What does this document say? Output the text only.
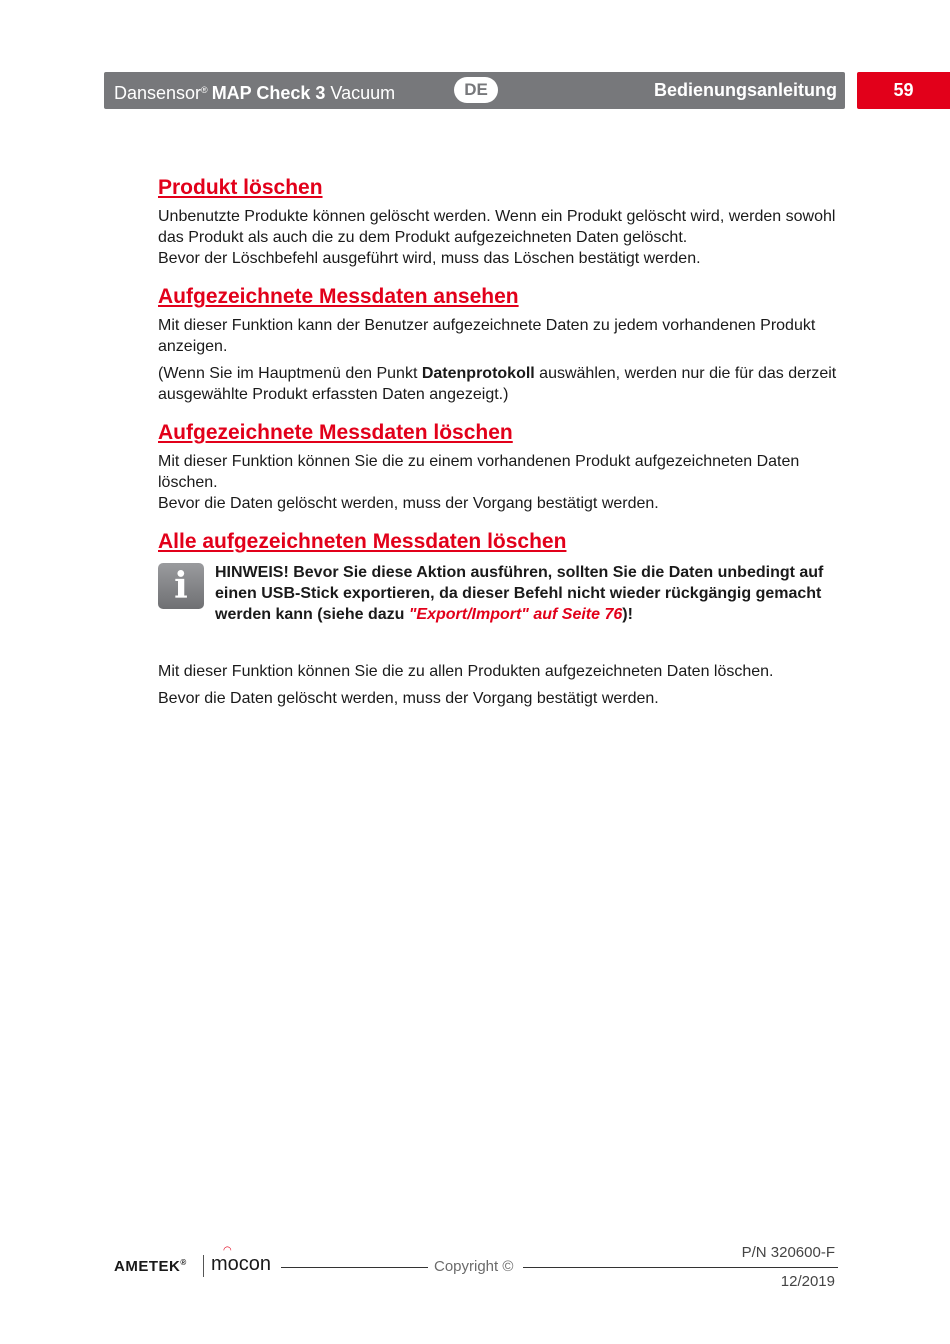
Dansensor® MAP Check 3 Vacuum	DE	Bedienungsanleitung	59
Produkt löschen

Unbenutzte Produkte können gelöscht werden. Wenn ein Produkt gelöscht wird, werden sowohl das Produkt als auch die zu dem Produkt aufgezeichneten Daten gelöscht.

Bevor der Löschbefehl ausgeführt wird, muss das Löschen bestätigt werden.

Aufgezeichnete Messdaten ansehen

Mit dieser Funktion kann der Benutzer aufgezeichnete Daten zu jedem vorhandenen Produkt anzeigen.

(Wenn Sie im Hauptmenü den Punkt Datenprotokoll auswählen, werden nur die für das derzeit ausgewählte Produkt erfassten Daten angezeigt.)

Aufgezeichnete Messdaten löschen

Mit dieser Funktion können Sie die zu einem vorhandenen Produkt aufgezeichneten Daten löschen.

Bevor die Daten gelöscht werden, muss der Vorgang bestätigt werden.

Alle aufgezeichneten Messdaten löschen
i	HINWEIS! Bevor Sie diese Aktion ausführen, sollten Sie die Daten unbedingt auf einen USB-Stick exportieren, da dieser Befehl nicht wieder rückgängig gemacht werden kann (siehe dazu "Export/Import" auf Seite 76)!

Mit dieser Funktion können Sie die zu allen Produkten aufgezeichneten Daten löschen.

Bevor die Daten gelöscht werden, muss der Vorgang bestätigt werden.

AMETEK®
◠
mocon	Copyright ©
P/N 320600-F
12/2019
